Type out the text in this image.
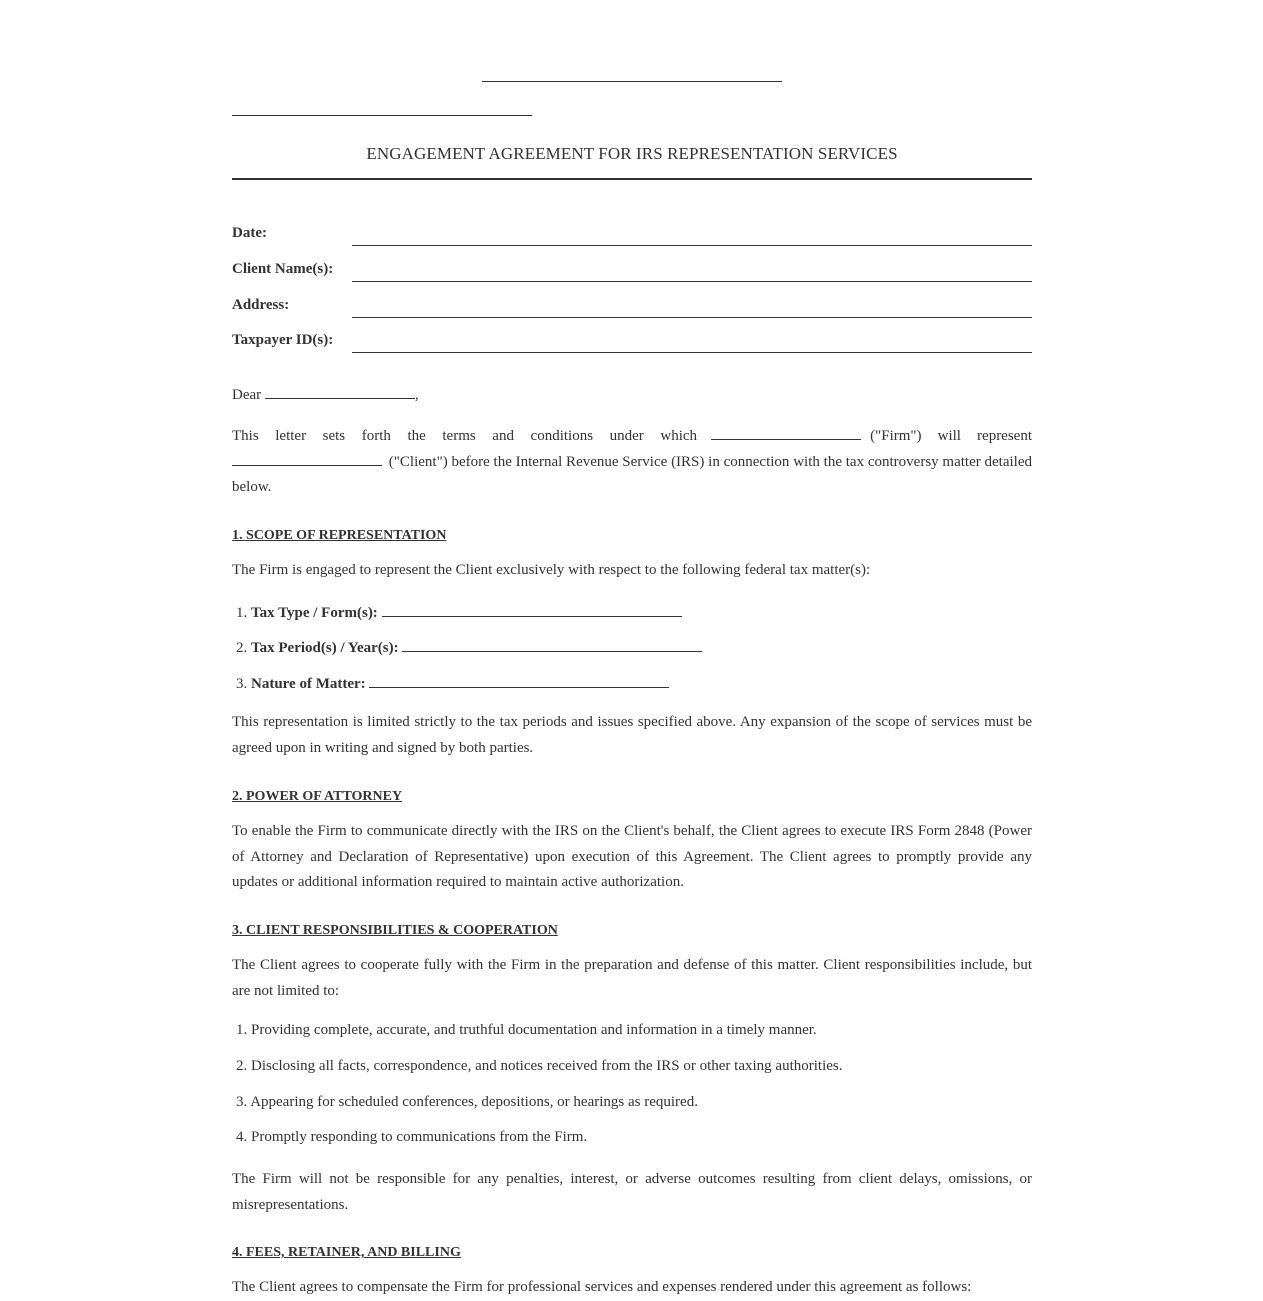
ENGAGEMENT AGREEMENT FOR IRS REPRESENTATION SERVICES
Date:
Client Name(s):
Address:
Taxpayer ID(s):
Dear	,
This letter sets forth the terms and conditions under which	("Firm") will represent  ("Client") before the Internal Revenue Service (IRS) in connection with the tax controversy matter detailed below.
1. SCOPE OF REPRESENTATION
The Firm is engaged to represent the Client exclusively with respect to the following federal tax matter(s):
1. Tax Type / Form(s):
2. Tax Period(s) / Year(s):
3. Nature of Matter:
This representation is limited strictly to the tax periods and issues specified above. Any expansion of the scope of services must be agreed upon in writing and signed by both parties.
2. POWER OF ATTORNEY
To enable the Firm to communicate directly with the IRS on the Client's behalf, the Client agrees to execute IRS Form 2848 (Power of Attorney and Declaration of Representative) upon execution of this Agreement. The Client agrees to promptly provide any updates or additional information required to maintain active authorization.
3. CLIENT RESPONSIBILITIES & COOPERATION
The Client agrees to cooperate fully with the Firm in the preparation and defense of this matter. Client responsibilities include, but are not limited to:
1. Providing complete, accurate, and truthful documentation and information in a timely manner.
2. Disclosing all facts, correspondence, and notices received from the IRS or other taxing authorities.
3. Appearing for scheduled conferences, depositions, or hearings as required.
4. Promptly responding to communications from the Firm.
The Firm will not be responsible for any penalties, interest, or adverse outcomes resulting from client delays, omissions, or misrepresentations.
4. FEES, RETAINER, AND BILLING
The Client agrees to compensate the Firm for professional services and expenses rendered under this agreement as follows:
